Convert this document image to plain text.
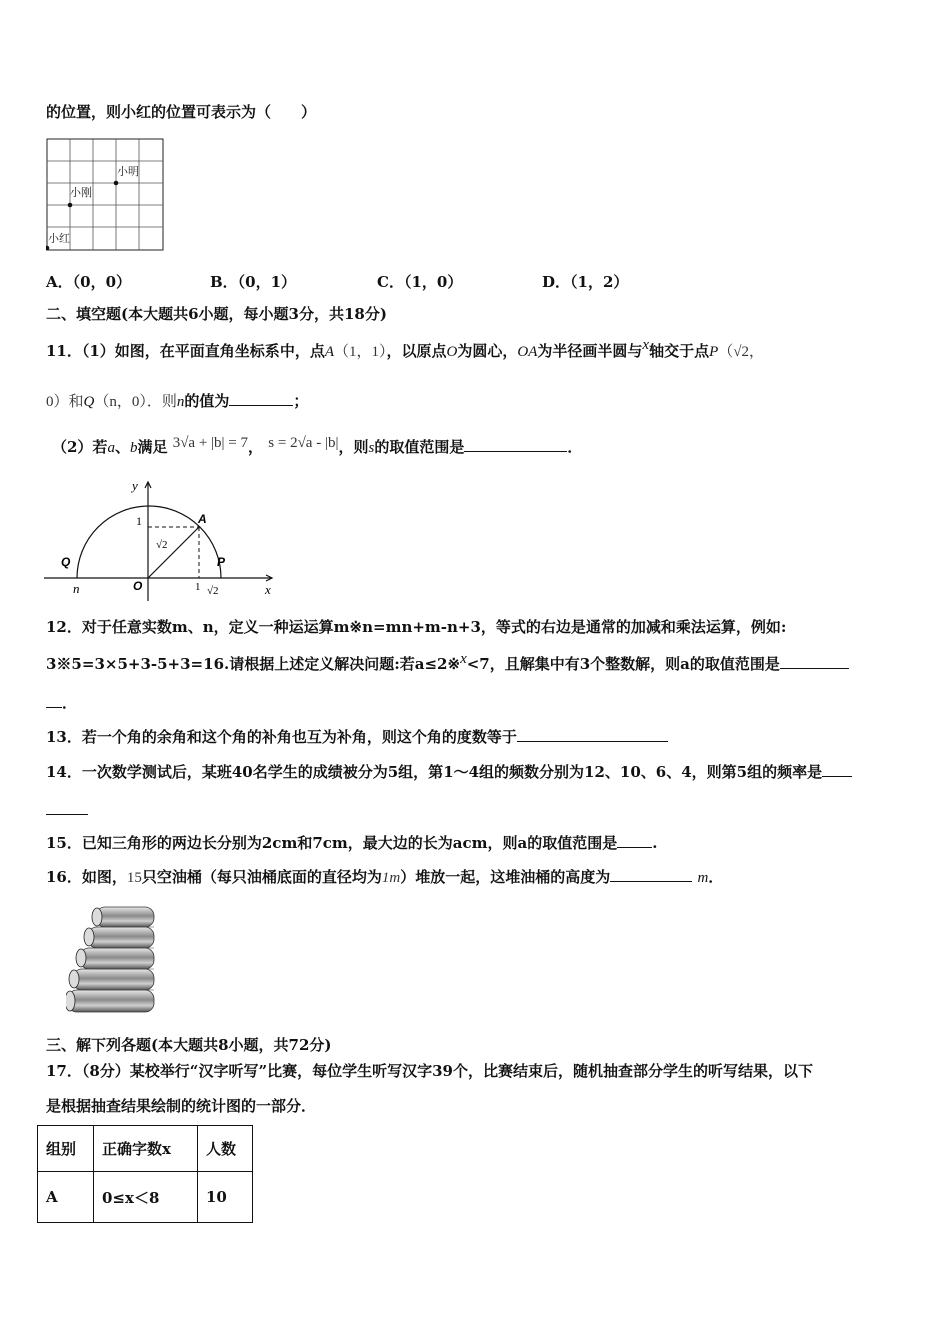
的位置，则小红的位置可表示为（　　）
小明
小刚
小红
A．（0，0）	B．（0，1）	C．（1，0）	D．（1，2）
二、填空题(本大题共6小题，每小题3分，共18分)
11．（1）如图，在平面直角坐标系中，点A（1，1），以原点O为圆心，OA为半径画半圆与x轴交于点P（√2，
0）和Q（n，0）．则n的值为	；
（2）若a、b满足 3√a + |b| = 7， s = 2√a - |b|，则s的取值范围是	．
y
x
1	A
Q	P
O
n
√2
√2
1
12．对于任意实数m、n，定义一种运运算m※n=mn+m-n+3，等式的右边是通常的加减和乘法运算，例如:
3※5=3×5+3-5+3=16.请根据上述定义解决问题:若a≤2※x<7，且解集中有3个整数解，则a的取值范围是
．
13．若一个角的余角和这个角的补角也互为补角，则这个角的度数等于
14．一次数学测试后，某班40名学生的成绩被分为5组，第1～4组的频数分别为12、10、6、4，则第5组的频率是
15．已知三角形的两边长分别为2cm和7cm，最大边的长为acm，则a的取值范围是 .
16．如图，15只空油桶（每只油桶底面的直径均为1m）堆放一起，这堆油桶的高度为	m．
三、解下列各题(本大题共8小题，共72分)
17．（8分）某校举行“汉字听写”比赛，每位学生听写汉字39个，比赛结束后，随机抽查部分学生的听写结果，以下
是根据抽查结果绘制的统计图的一部分．
组别	正确字数x	人数
A	0≤x＜8	10
